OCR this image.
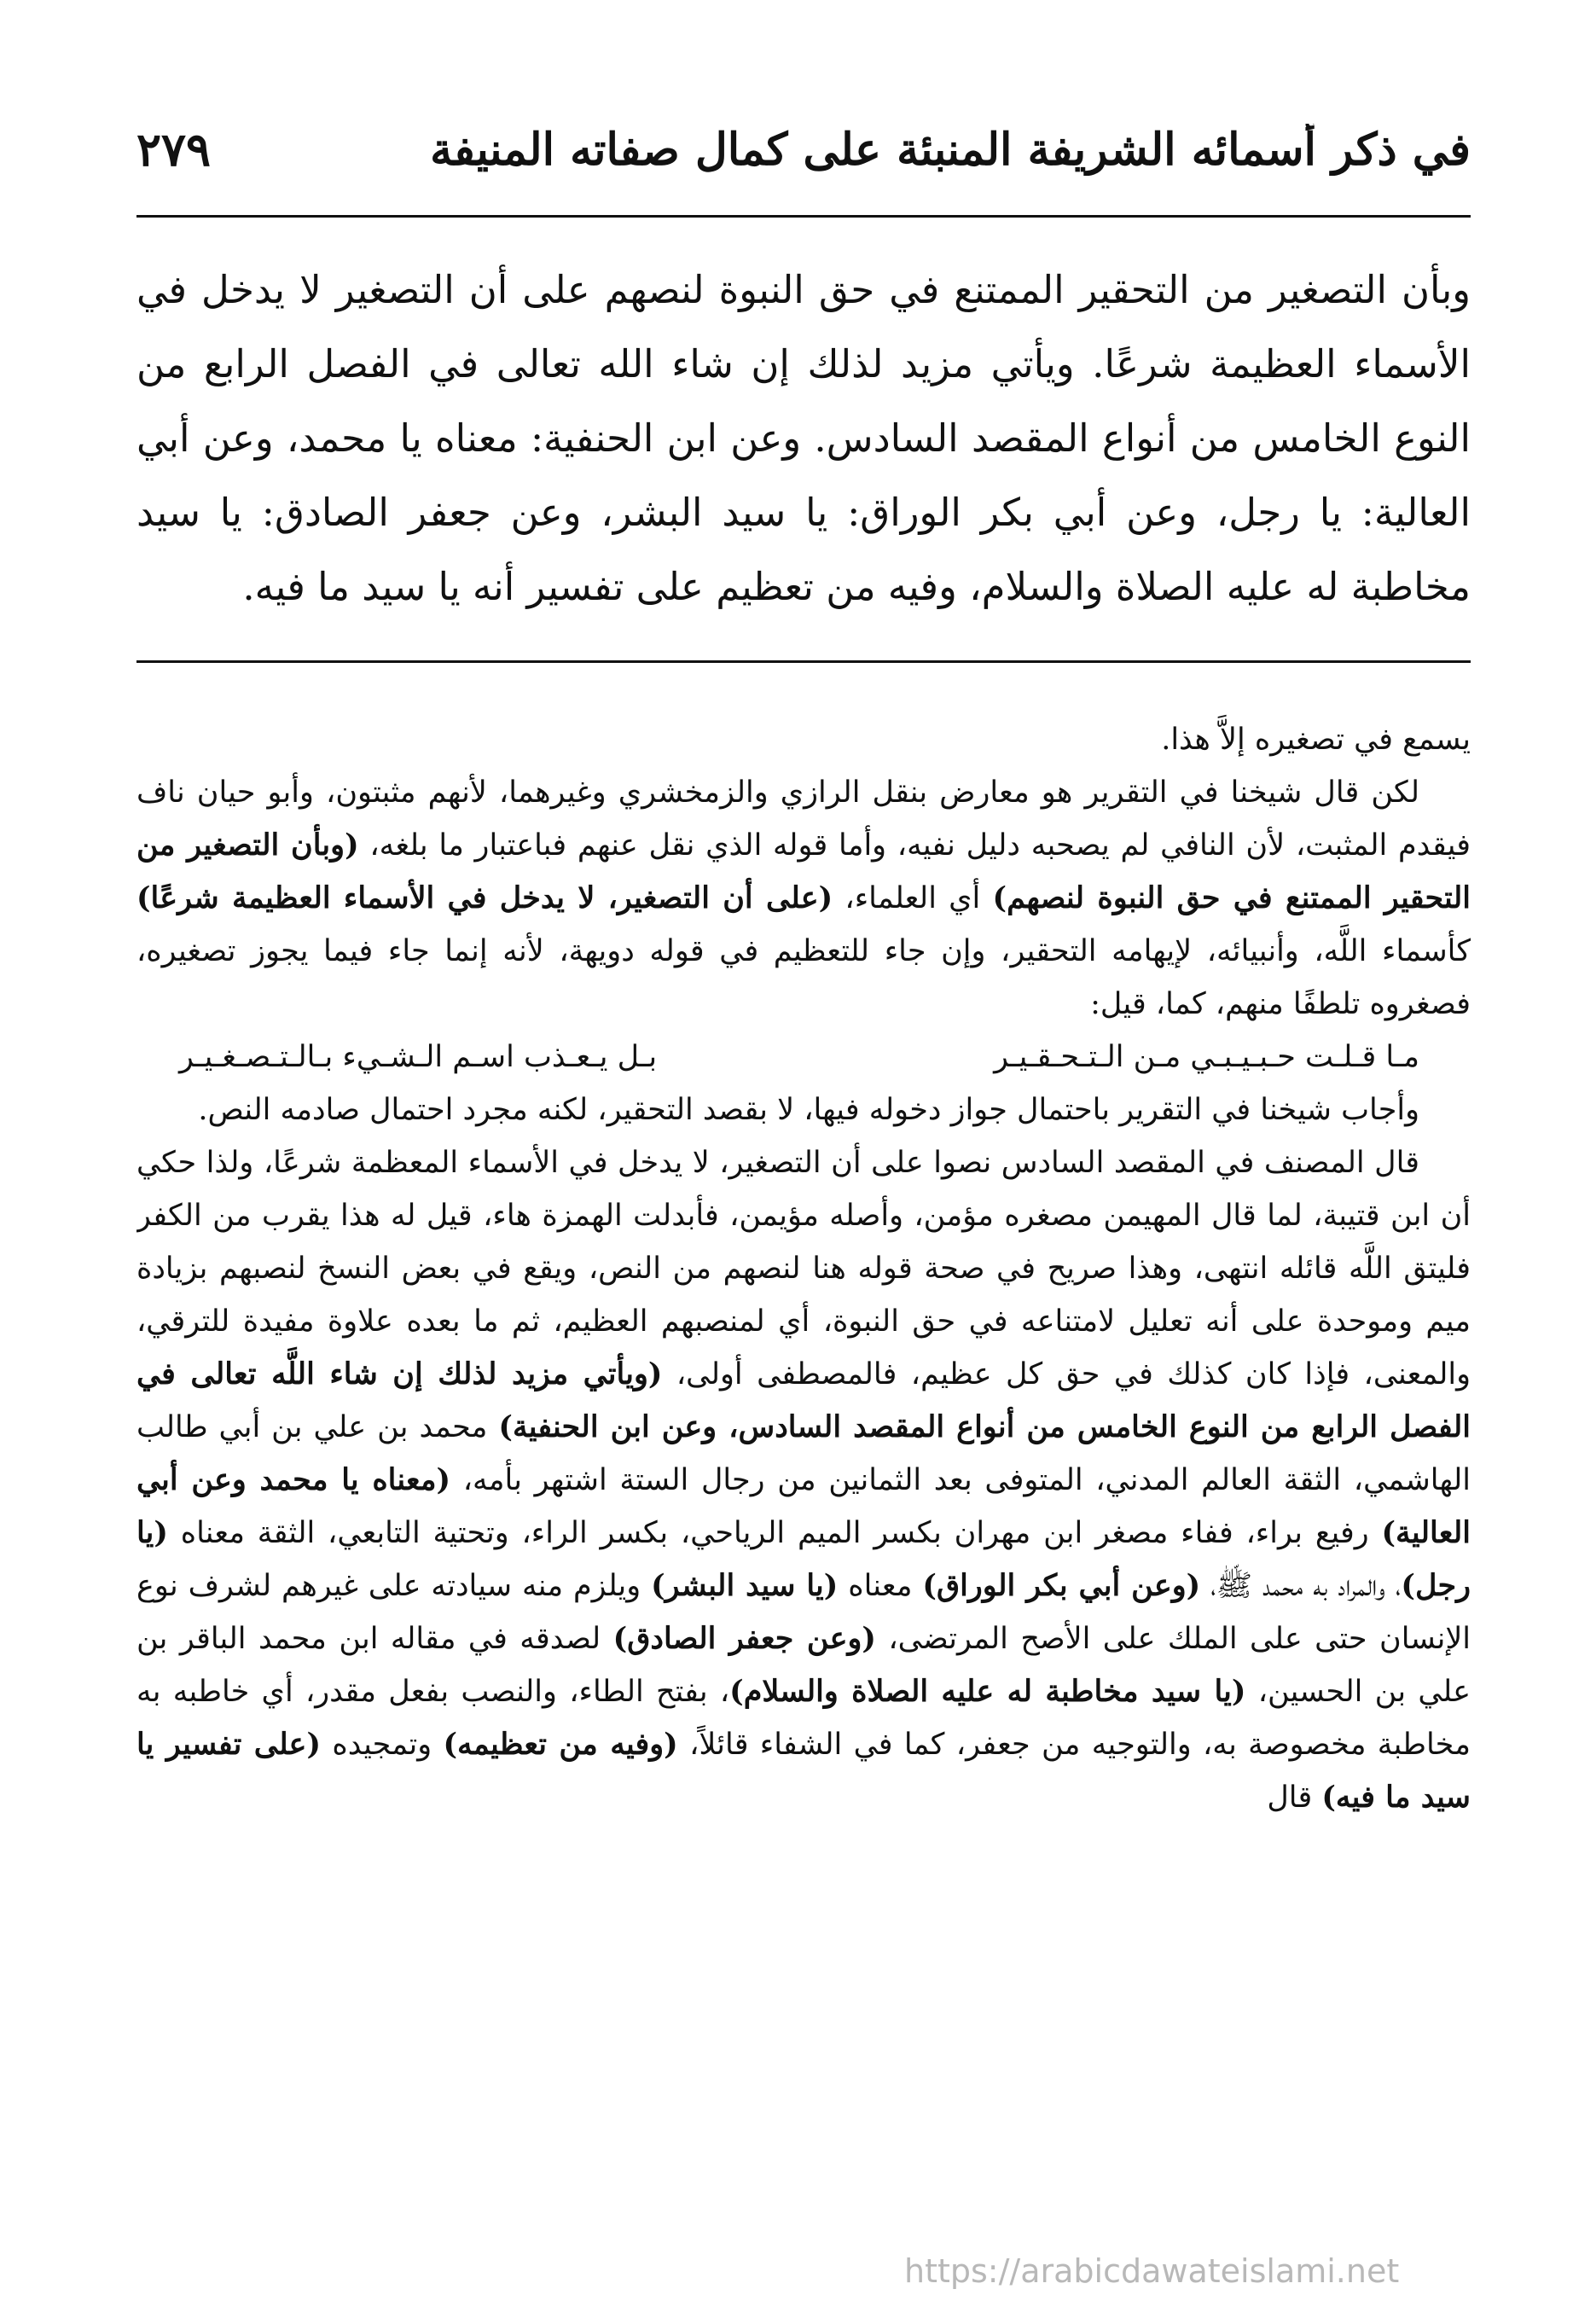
في ذكر أسمائه الشريفة المنبئة على كمال صفاته المنيفة
٢٧٩
وبأن التصغير من التحقير الممتنع في حق النبوة لنصهم على أن التصغير لا يدخل في الأسماء العظيمة شرعًا. ويأتي مزيد لذلك إن شاء الله تعالى في الفصل الرابع من النوع الخامس من أنواع المقصد السادس. وعن ابن الحنفية: معناه يا محمد، وعن أبي العالية: يا رجل، وعن أبي بكر الوراق: يا سيد البشر، وعن جعفر الصادق: يا سيد مخاطبة له عليه الصلاة والسلام، وفيه من تعظيم على تفسير أنه يا سيد ما فيه.

يسمع في تصغيره إلاَّ هذا.

لكن قال شيخنا في التقرير هو معارض بنقل الرازي والزمخشري وغيرهما، لأنهم مثبتون، وأبو حيان ناف فيقدم المثبت، لأن النافي لم يصحبه دليل نفيه، وأما قوله الذي نقل عنهم فباعتبار ما بلغه، (وبأن التصغير من التحقير الممتنع في حق النبوة لنصهم) أي العلماء، (على أن التصغير، لا يدخل في الأسماء العظيمة شرعًا) كأسماء اللَّه، وأنبيائه، لإيهامه التحقير، وإن جاء للتعظيم في قوله دويهة، لأنه إنما جاء فيما يجوز تصغيره، فصغروه تلطفًا منهم، كما، قيل:

مـا قـلـت حـبـيـبـي مـن الـتـحـقـيـر
بـل يـعـذب اسـم الـشـيء بـالـتـصـغـيـر

وأجاب شيخنا في التقرير باحتمال جواز دخوله فيها، لا بقصد التحقير، لكنه مجرد احتمال صادمه النص.

قال المصنف في المقصد السادس نصوا على أن التصغير، لا يدخل في الأسماء المعظمة شرعًا، ولذا حكي أن ابن قتيبة، لما قال المهيمن مصغره مؤمن، وأصله مؤيمن، فأبدلت الهمزة هاء، قيل له هذا يقرب من الكفر فليتق اللَّه قائله انتهى، وهذا صريح في صحة قوله هنا لنصهم من النص، ويقع في بعض النسخ لنصبهم بزيادة ميم وموحدة على أنه تعليل لامتناعه في حق النبوة، أي لمنصبهم العظيم، ثم ما بعده علاوة مفيدة للترقي، والمعنى، فإذا كان كذلك في حق كل عظيم، فالمصطفى أولى، (ويأتي مزيد لذلك إن شاء اللَّه تعالى في الفصل الرابع من النوع الخامس من أنواع المقصد السادس، وعن ابن الحنفية) محمد بن علي بن أبي طالب الهاشمي، الثقة العالم المدني، المتوفى بعد الثمانين من رجال الستة اشتهر بأمه، (معناه يا محمد وعن أبي العالية) رفيع براء، ففاء مصغر ابن مهران بكسر الميم الرياحي، بكسر الراء، وتحتية التابعي، الثقة معناه (يا رجل)، والمراد به محمد ﷺ، (وعن أبي بكر الوراق) معناه (يا سيد البشر) ويلزم منه سيادته على غيرهم لشرف نوع الإنسان حتى على الملك على الأصح المرتضى، (وعن جعفر الصادق) لصدقه في مقاله ابن محمد الباقر بن علي بن الحسين، (يا سيد مخاطبة له عليه الصلاة والسلام)، بفتح الطاء، والنصب بفعل مقدر، أي خاطبه به مخاطبة مخصوصة به، والتوجيه من جعفر، كما في الشفاء قائلاً، (وفيه من تعظيمه) وتمجيده (على تفسير يا سيد ما فيه) قال

https://arabicdawateislami.net
